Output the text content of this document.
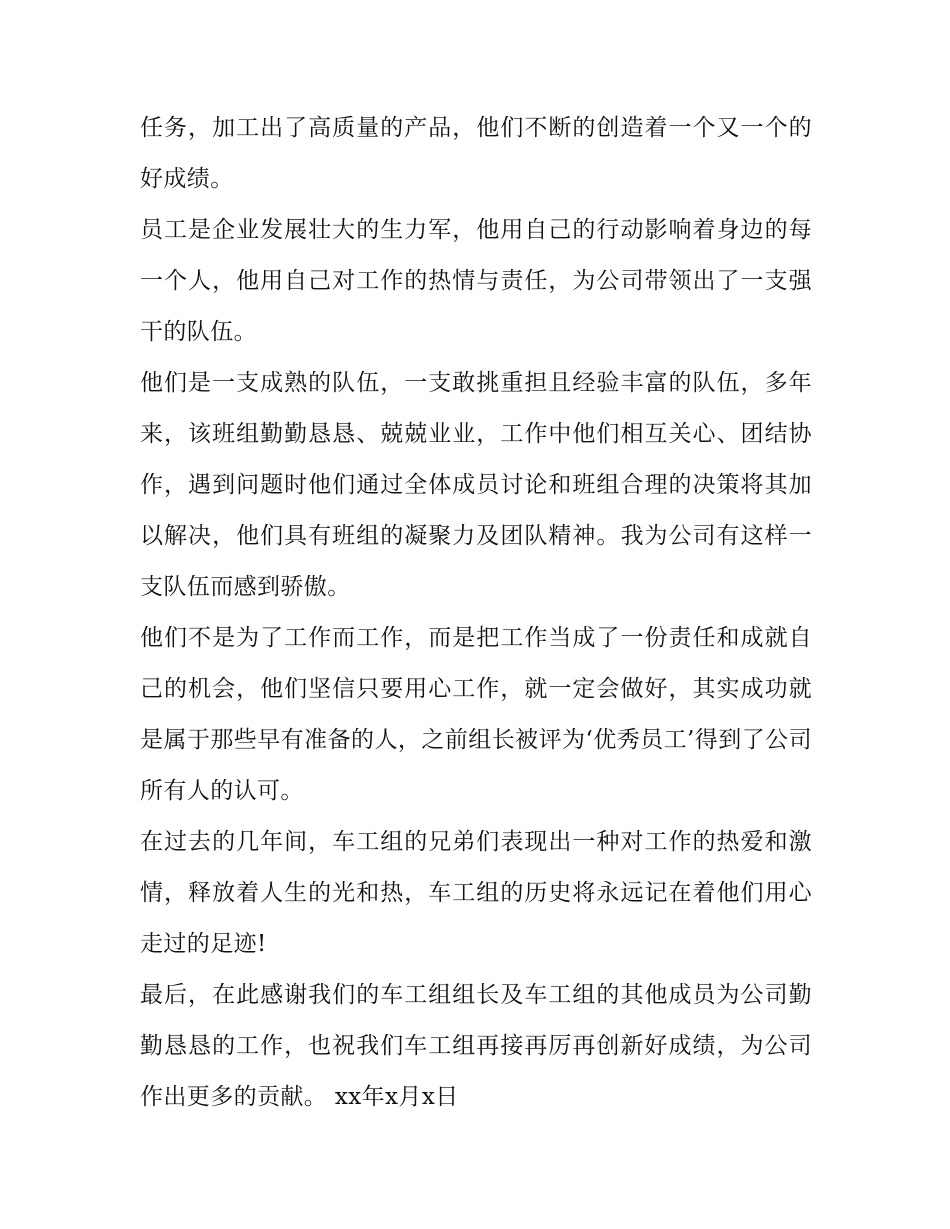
任务，加工出了高质量的产品，他们不断的创造着一个又一个的好成绩。

员工是企业发展壮大的生力军，他用自己的行动影响着身边的每一个人，他用自己对工作的热情与责任，为公司带领出了一支强干的队伍。

他们是一支成熟的队伍，一支敢挑重担且经验丰富的队伍，多年来，该班组勤勤恳恳、兢兢业业，工作中他们相互关心、团结协作，遇到问题时他们通过全体成员讨论和班组合理的决策将其加以解决，他们具有班组的凝聚力及团队精神。我为公司有这样一支队伍而感到骄傲。

他们不是为了工作而工作，而是把工作当成了一份责任和成就自己的机会，他们坚信只要用心工作，就一定会做好，其实成功就是属于那些早有准备的人，之前组长被评为‘优秀员工’得到了公司所有人的认可。

在过去的几年间，车工组的兄弟们表现出一种对工作的热爱和激情，释放着人生的光和热，车工组的历史将永远记在着他们用心走过的足迹!

最后，在此感谢我们的车工组组长及车工组的其他成员为公司勤勤恳恳的工作，也祝我们车工组再接再厉再创新好成绩，为公司作出更多的贡献。 xx年x月x日
